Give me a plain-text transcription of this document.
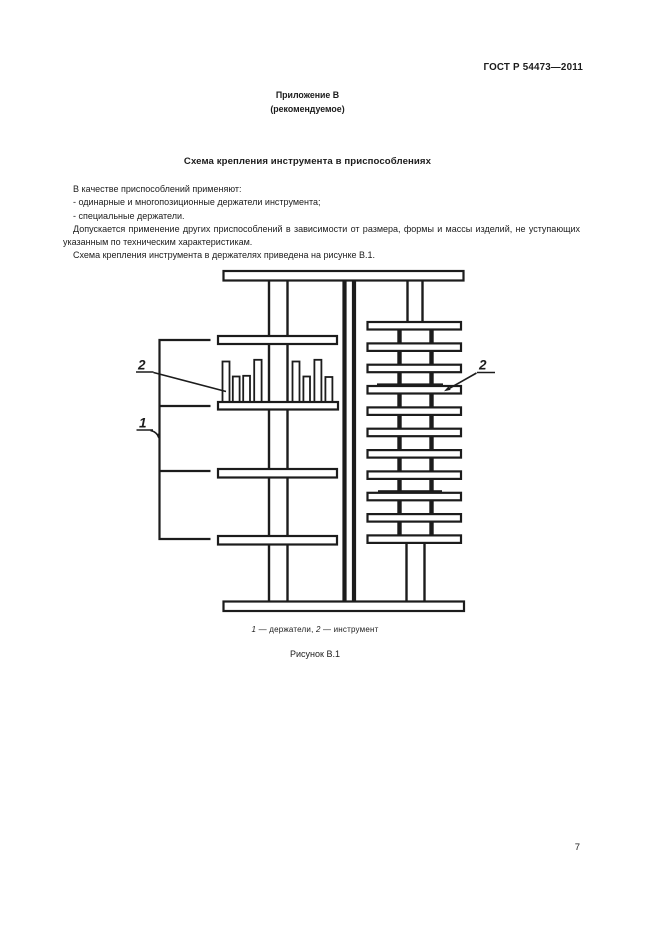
ГОСТ Р 54473—2011
Приложение В
(рекомендуемое)
Схема крепления инструмента в приспособлениях

В качестве приспособлений применяют:

- одинарные и многопозиционные держатели инструмента;

- специальные держатели.

Допускается применение других приспособлений в зависимости от размера, формы и массы изделий, не уступающих указанным по техническим характеристикам.

Схема крепления инструмента в держателях приведена на рисунке В.1.

2
1
2
1 — держатели, 2 — инструмент
Рисунок В.1
7
